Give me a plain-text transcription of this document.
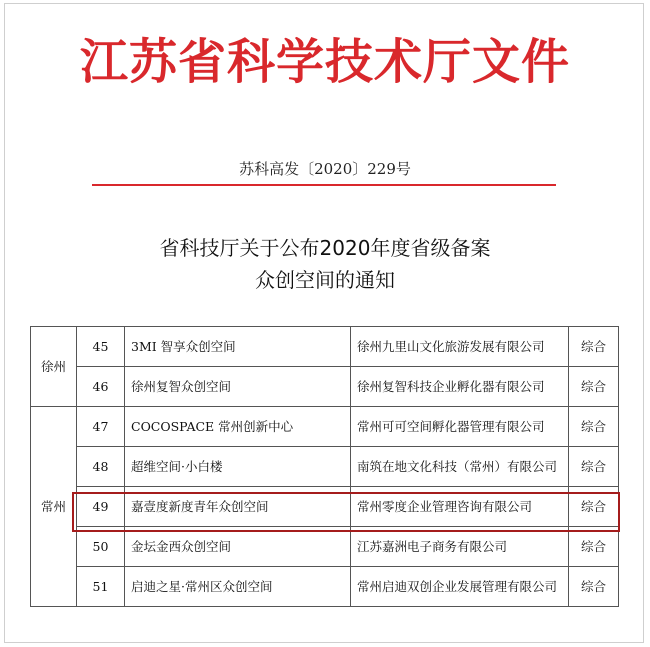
江苏省科学技术厅文件
苏科高发〔2020〕229号
省科技厅关于公布2020年度省级备案
众创空间的通知
徐州	45	3MI 智享众创空间	徐州九里山文化旅游发展有限公司	综合
	46	徐州复智众创空间	徐州复智科技企业孵化器有限公司	综合
常州	47	COCOSPACE 常州创新中心	常州可可空间孵化器管理有限公司	综合
	48	超维空间·小白楼	南筑在地文化科技（常州）有限公司	综合
	49	嘉壹度新度青年众创空间	常州零度企业管理咨询有限公司	综合
	50	金坛金西众创空间	江苏嘉洲电子商务有限公司	综合
	51	启迪之星·常州区众创空间	常州启迪双创企业发展管理有限公司	综合
